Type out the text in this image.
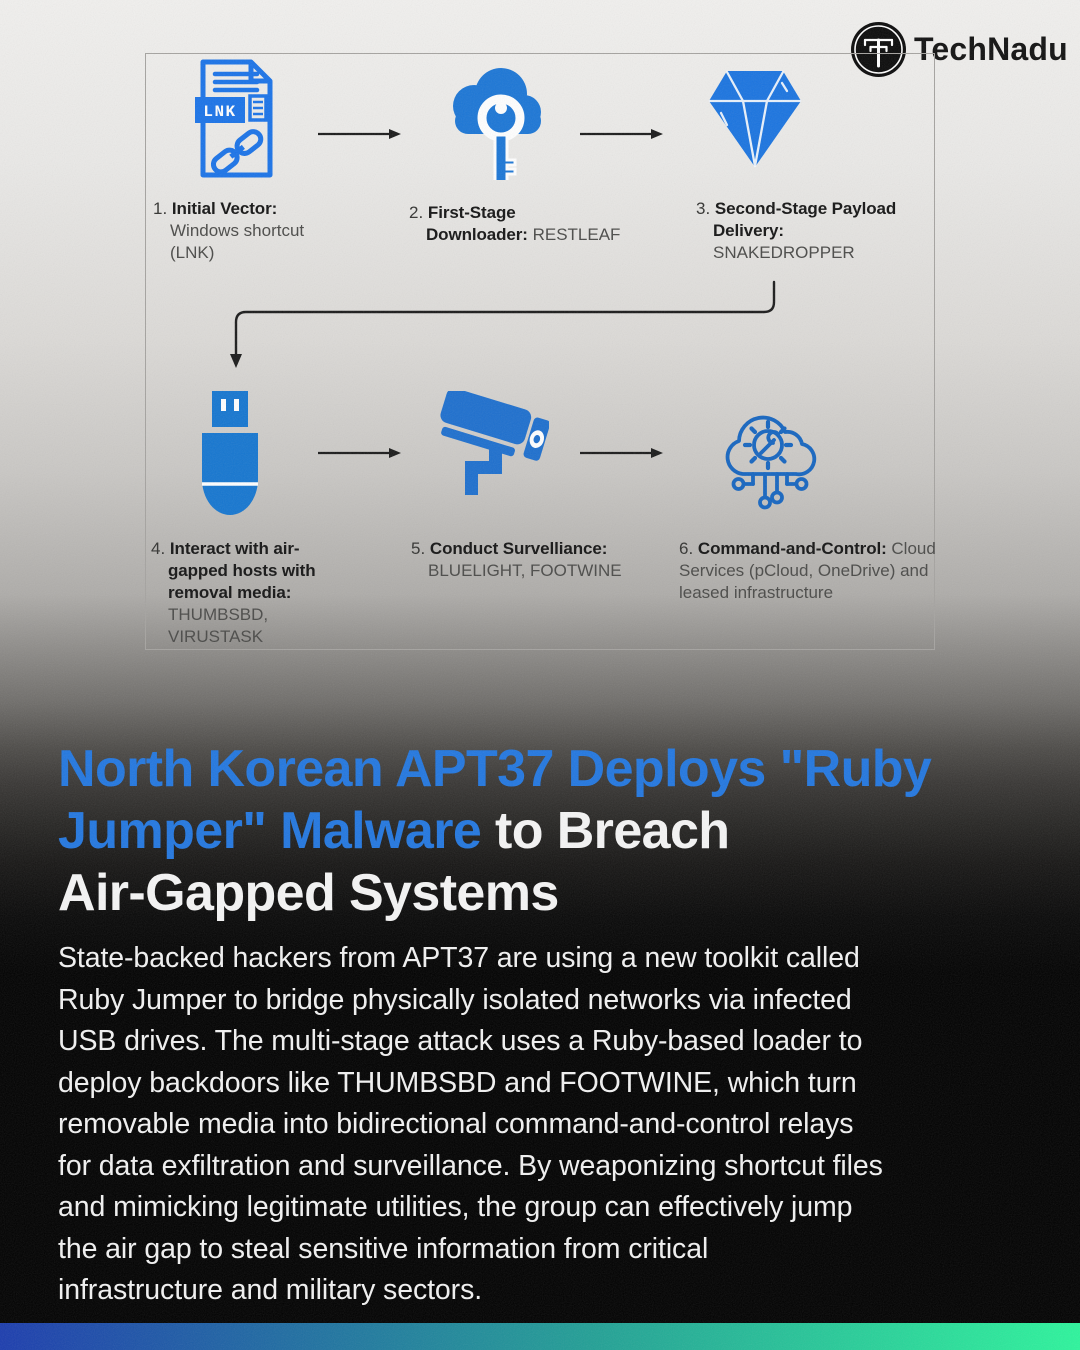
TechNadu
LNK
1. Initial Vector:
Windows shortcut
(LNK)
2. First-Stage
Downloader: RESTLEAF
3. Second-Stage Payload
Delivery:
SNAKEDROPPER
4. Interact with air-
gapped hosts with
removal media:
THUMBSBD,
VIRUSTASK
5. Conduct Survelliance:
BLUELIGHT, FOOTWINE
6. Command-and-Control: Cloud
Services (pCloud, OneDrive) and
leased infrastructure
North Korean APT37 Deploys "Ruby
Jumper" Malware to Breach
Air-Gapped Systems
State-backed hackers from APT37 are using a new toolkit called
Ruby Jumper to bridge physically isolated networks via infected
USB drives. The multi-stage attack uses a Ruby-based loader to
deploy backdoors like THUMBSBD and FOOTWINE, which turn
removable media into bidirectional command-and-control relays
for data exfiltration and surveillance. By weaponizing shortcut files
and mimicking legitimate utilities, the group can effectively jump
the air gap to steal sensitive information from critical
infrastructure and military sectors.
